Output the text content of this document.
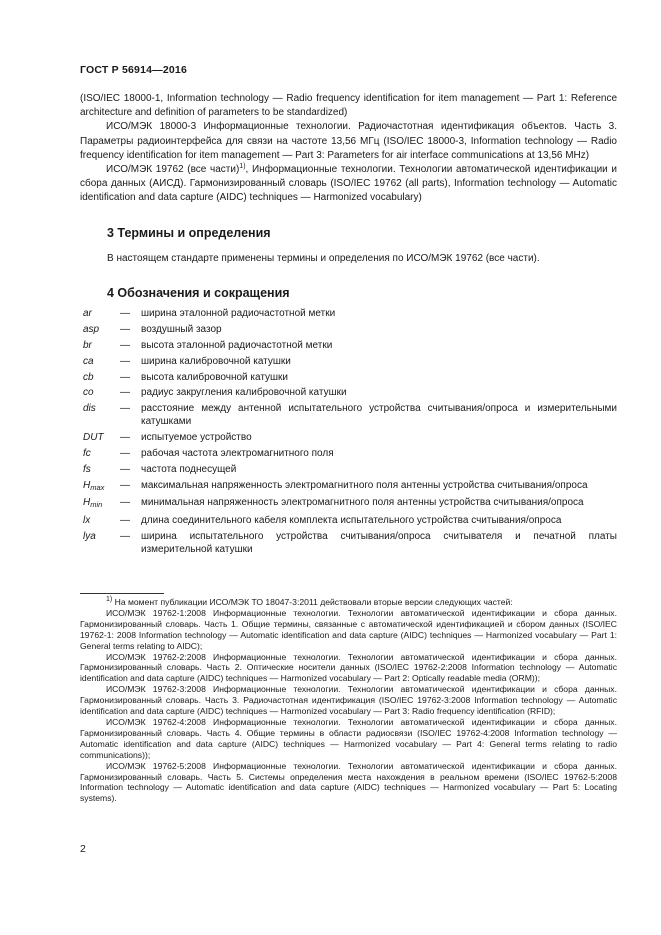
ГОСТ Р 56914—2016

(ISO/IEC 18000-1, Information technology — Radio frequency identification for item management — Part 1: Reference architecture and definition of parameters to be standardized)

ИСО/МЭК 18000-3 Информационные технологии. Радиочастотная идентификация объектов. Часть 3. Параметры радиоинтерфейса для связи на частоте 13,56 МГц (ISO/IEC 18000-3, Information technology — Radio frequency identification for item management — Part 3: Parameters for air interface communications at 13,56 MHz)

ИСО/МЭК 19762 (все части)$^{1)}$, Информационные технологии. Технологии автоматической идентификации и сбора данных (АИСД). Гармонизированный словарь (ISO/IEC 19762 (all parts), Information technology — Automatic identification and data capture (AIDC) techniques — Harmonized vocabulary)

3 Термины и определения
В настоящем стандарте применены термины и определения по ИСО/МЭК 19762 (все части).
4 Обозначения и сокращения
ar	—	ширина эталонной радиочастотной метки
asp	—	воздушный зазор
br	—	высота эталонной радиочастотной метки
ca	—	ширина калибровочной катушки
cb	—	высота калибровочной катушки
co	—	радиус закругления калибровочной катушки
dis	—	расстояние между антенной испытательного устройства считывания/опроса и измерительными катушками
DUT	—	испытуемое устройство
fc	—	рабочая частота электромагнитного поля
fs	—	частота поднесущей
$H_{max}$	—	максимальная напряженность электромагнитного поля антенны устройства считывания/опроса
$H_{min}$	—	минимальная напряженность электромагнитного поля антенны устройства считывания/опроса
lx	—	длина соединительного кабеля комплекта испытательного устройства считывания/опроса
lya	—	ширина испытательного устройства считывания/опроса считывателя и печатной платы измерительной катушки

$^{1)}$ На момент публикации ИСО/МЭК ТО 18047-3:2011 действовали вторые версии следующих частей:

ИСО/МЭК 19762-1:2008 Информационные технологии. Технологии автоматической идентификации и сбора данных. Гармонизированный словарь. Часть 1. Общие термины, связанные с автоматической идентификацией и сбором данных (ISO/IEC 19762-1: 2008 Information technology — Automatic identification and data capture (AIDC) techniques — Harmonized vocabulary — Part 1: General terms relating to AIDC);

ИСО/МЭК 19762-2:2008 Информационные технологии. Технологии автоматической идентификации и сбора данных. Гармонизированный словарь. Часть 2. Оптические носители данных (ISO/IEC 19762-2:2008 Information technology — Automatic identification and data capture (AIDC) techniques — Harmonized vocabulary — Part 2: Optically readable media (ORM));

ИСО/МЭК 19762-3:2008 Информационные технологии. Технологии автоматической идентификации и сбора данных. Гармонизированный словарь. Часть 3. Радиочастотная идентификация (ISO/IEC 19762-3:2008 Information technology — Automatic identification and data capture (AIDC) techniques — Harmonized vocabulary — Part 3: Radio frequency identification (RFID);

ИСО/МЭК 19762-4:2008 Информационные технологии. Технологии автоматической идентификации и сбора данных. Гармонизированный словарь. Часть 4. Общие термины в области радиосвязи (ISO/IEC 19762-4:2008 Information technology — Automatic identification and data capture (AIDC) techniques — Harmonized vocabulary — Part 4: General terms relating to radio communications));

ИСО/МЭК 19762-5:2008 Информационные технологии. Технологии автоматической идентификации и сбора данных. Гармонизированный словарь. Часть 5. Системы определения места нахождения в реальном времени (ISO/IEC 19762-5:2008 Information technology — Automatic identification and data capture (AIDC) techniques — Harmonized vocabulary — Part 5: Locating systems).

2
